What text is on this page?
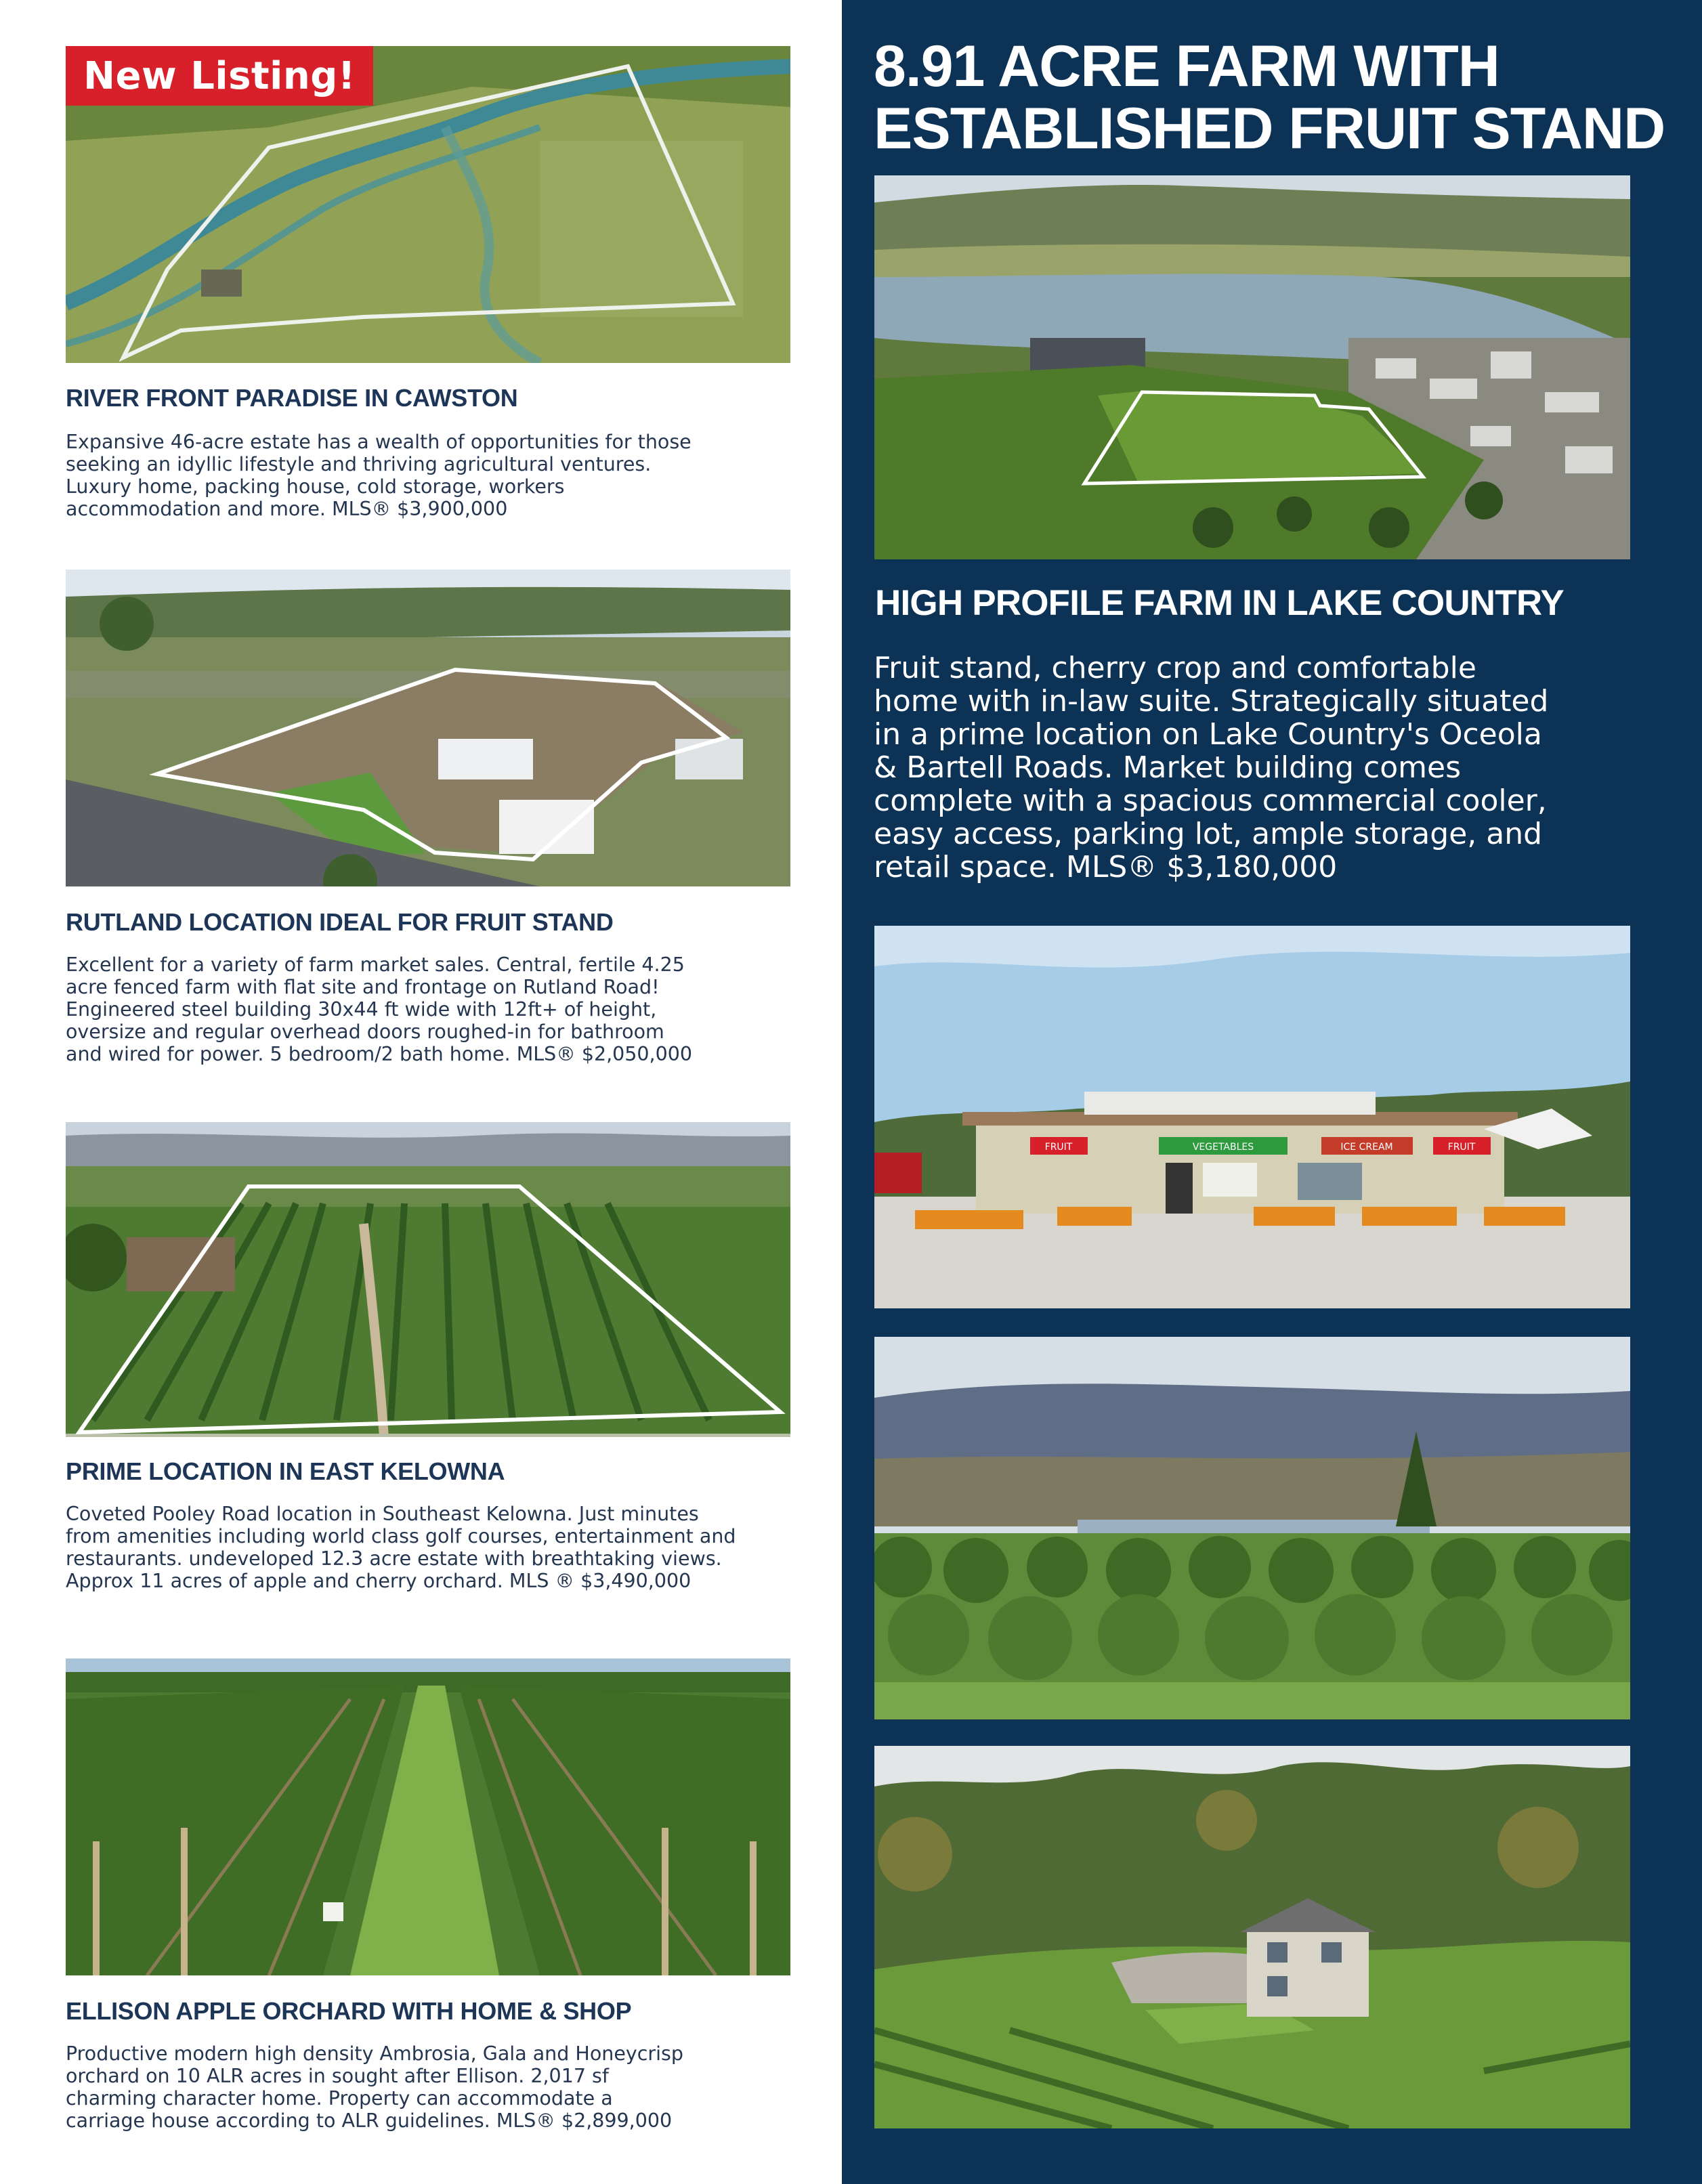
New Listing!
RIVER FRONT PARADISE IN CAWSTON
Expansive 46-acre estate has a wealth of opportunities for those
seeking an idyllic lifestyle and thriving agricultural ventures.
Luxury home, packing house, cold storage, workers
accommodation and more. MLS® $3,900,000
RUTLAND LOCATION IDEAL FOR FRUIT STAND
Excellent for a variety of farm market sales. Central, fertile 4.25
acre fenced farm with flat site and frontage on Rutland Road!
Engineered steel building 30x44 ft wide with 12ft+ of height,
oversize and regular overhead doors roughed-in for bathroom
and wired for power. 5 bedroom/2 bath home. MLS® $2,050,000
PRIME LOCATION IN EAST KELOWNA
Coveted Pooley Road location in Southeast Kelowna. Just minutes
from amenities including world class golf courses, entertainment and
restaurants. undeveloped 12.3 acre estate with breathtaking views.
Approx 11 acres of apple and cherry orchard. MLS ® $3,490,000
ELLISON APPLE ORCHARD WITH HOME & SHOP
Productive modern high density Ambrosia, Gala and Honeycrisp
orchard on 10 ALR acres in sought after Ellison. 2,017 sf
charming character home. Property can accommodate a
carriage house according to ALR guidelines. MLS® $2,899,000
8.91 ACRE FARM WITH
ESTABLISHED FRUIT STAND
HIGH PROFILE FARM IN LAKE COUNTRY
Fruit stand, cherry crop and comfortable
home with in-law suite. Strategically situated
in a prime location on Lake Country's Oceola
& Bartell Roads. Market building comes
complete with a spacious commercial cooler,
easy access, parking lot, ample storage, and
retail space. MLS® $3,180,000
FRUIT	VEGETABLES	ICE CREAM	FRUIT
